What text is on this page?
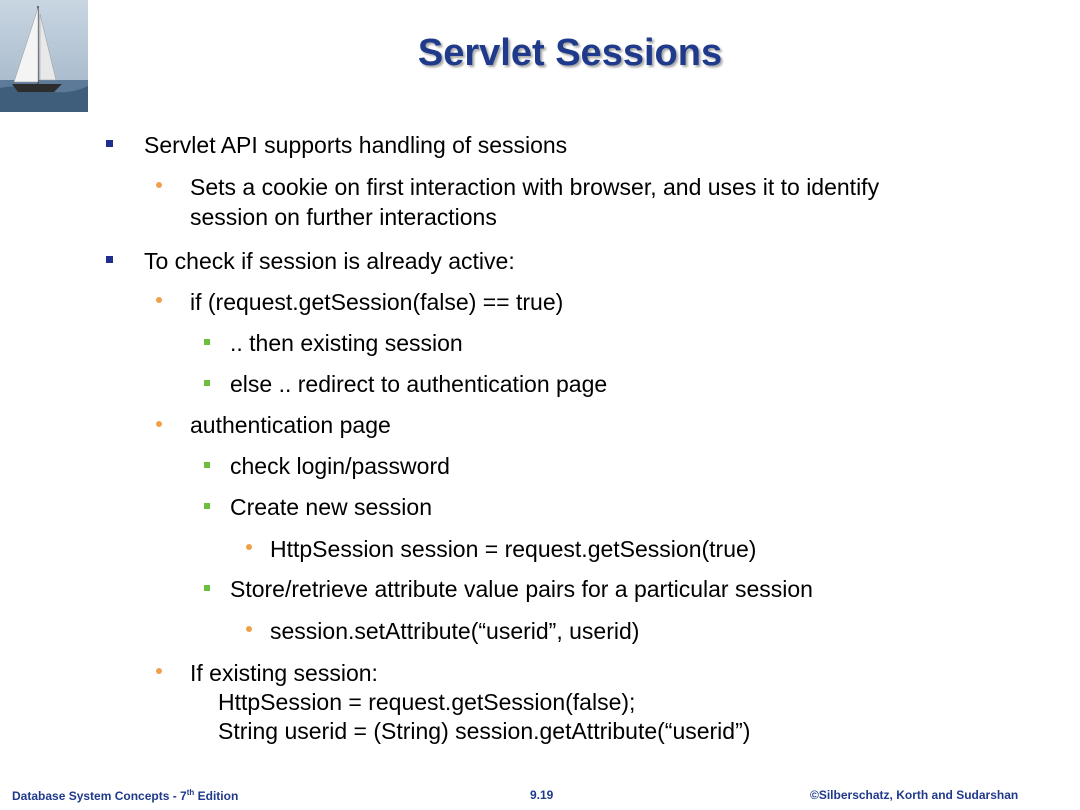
Servlet Sessions
Servlet API supports handling of sessions
Sets a cookie on first interaction with browser, and uses it to identify
session on further interactions
To check if session is already active:
if (request.getSession(false) == true)
.. then existing session
else .. redirect to authentication page
authentication page
check login/password
Create new session
HttpSession session = request.getSession(true)
Store/retrieve attribute value pairs for a particular session
session.setAttribute(“userid”, userid)
If existing session:
HttpSession = request.getSession(false);
String userid = (String) session.getAttribute(“userid”)
Database System Concepts - 7th Edition	9.19	©Silberschatz, Korth and Sudarshan
